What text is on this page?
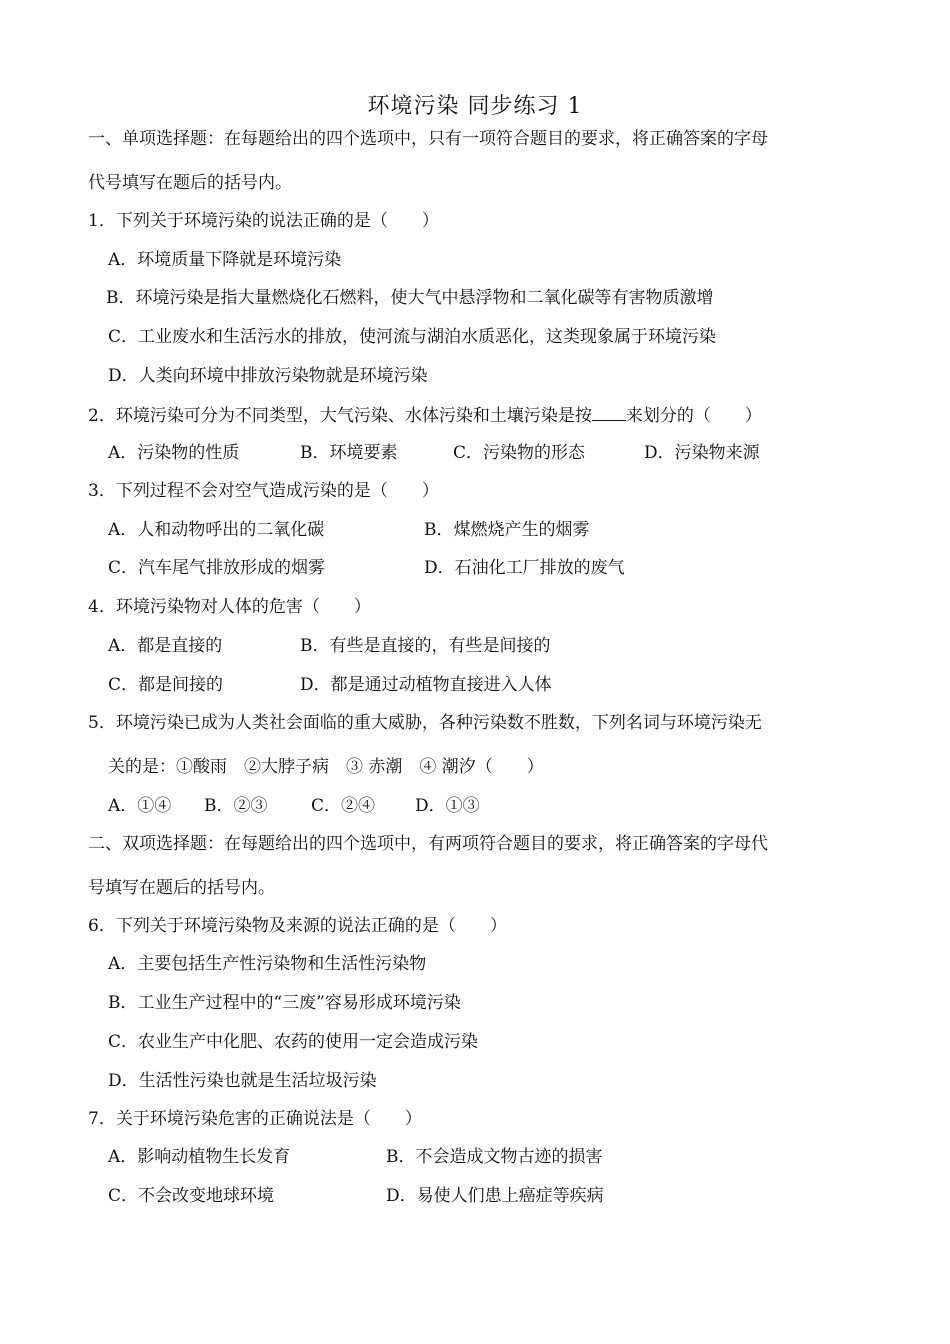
环境污染 同步练习 1
一、单项选择题：在每题给出的四个选项中，只有一项符合题目的要求，将正确答案的字母
代号填写在题后的括号内。
1．下列关于环境污染的说法正确的是（　　）
A．环境质量下降就是环境污染
B．环境污染是指大量燃烧化石燃料，使大气中悬浮物和二氧化碳等有害物质激增
C．工业废水和生活污水的排放，使河流与湖泊水质恶化，这类现象属于环境污染
D．人类向环境中排放污染物就是环境污染
2．环境污染可分为不同类型，大气污染、水体污染和土壤污染是按 来划分的（　　）
A．污染物的性质	B．环境要素	C．污染物的形态	D．污染物来源
3．下列过程不会对空气造成污染的是（　　）
A．人和动物呼出的二氧化碳	B．煤燃烧产生的烟雾
C．汽车尾气排放形成的烟雾	D．石油化工厂排放的废气
4．环境污染物对人体的危害（　　）
A．都是直接的	B．有些是直接的，有些是间接的
C．都是间接的	D．都是通过动植物直接进入人体
5．环境污染已成为人类社会面临的重大威胁，各种污染数不胜数，下列名词与环境污染无
关的是：①酸雨　②大脖子病　③ 赤潮　④ 潮汐（　　）
A．①④ B．②③	C．②④ D．①③
二、双项选择题：在每题给出的四个选项中，有两项符合题目的要求，将正确答案的字母代
号填写在题后的括号内。
6．下列关于环境污染物及来源的说法正确的是（　　）
A．主要包括生产性污染物和生活性污染物
B．工业生产过程中的“三废”容易形成环境污染
C．农业生产中化肥、农药的使用一定会造成污染
D．生活性污染也就是生活垃圾污染
7．关于环境污染危害的正确说法是（　　）
A．影响动植物生长发育	B．不会造成文物古迹的损害
C．不会改变地球环境	D．易使人们患上癌症等疾病
